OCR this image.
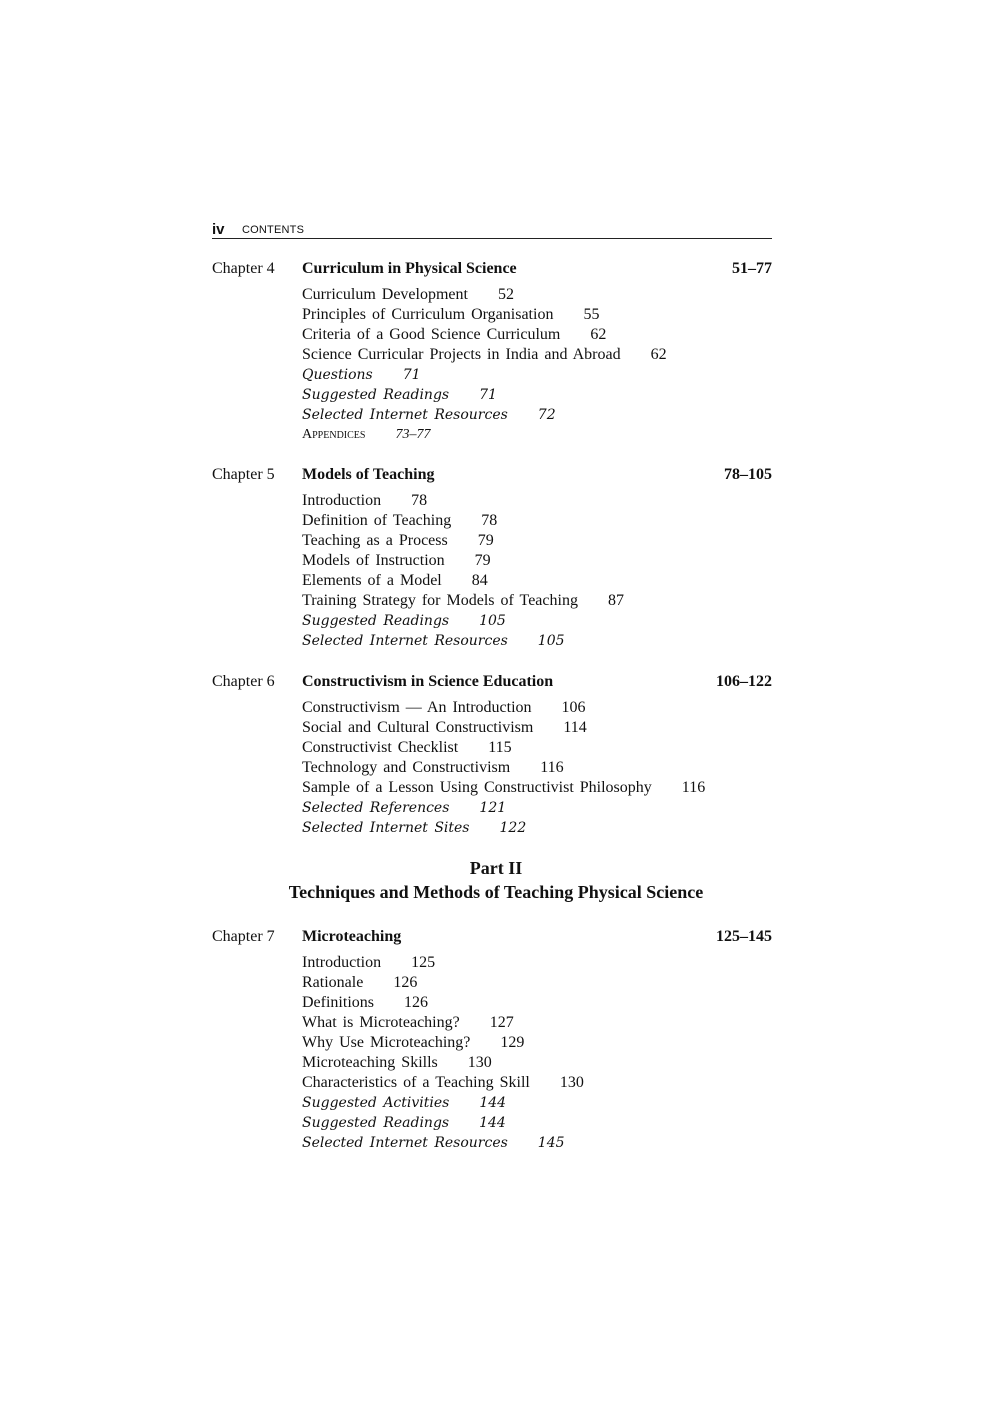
iv CONTENTS
Chapter 4 Curriculum in Physical Science	51–77
Curriculum Development 52
Principles of Curriculum Organisation 55
Criteria of a Good Science Curriculum 62
Science Curricular Projects in India and Abroad 62
Questions 71
Suggested Readings 71
Selected Internet Resources 72
Appendices 73–77
Chapter 5 Models of Teaching	78–105
Introduction 78
Definition of Teaching 78
Teaching as a Process 79
Models of Instruction 79
Elements of a Model 84
Training Strategy for Models of Teaching 87
Suggested Readings 105
Selected Internet Resources 105
Chapter 6 Constructivism in Science Education	106–122
Constructivism — An Introduction 106
Social and Cultural Constructivism 114
Constructivist Checklist 115
Technology and Constructivism 116
Sample of a Lesson Using Constructivist Philosophy 116
Selected References 121
Selected Internet Sites 122
Part II
Techniques and Methods of Teaching Physical Science
Chapter 7 Microteaching	125–145
Introduction 125
Rationale 126
Definitions 126
What is Microteaching? 127
Why Use Microteaching? 129
Microteaching Skills 130
Characteristics of a Teaching Skill 130
Suggested Activities 144
Suggested Readings 144
Selected Internet Resources 145
